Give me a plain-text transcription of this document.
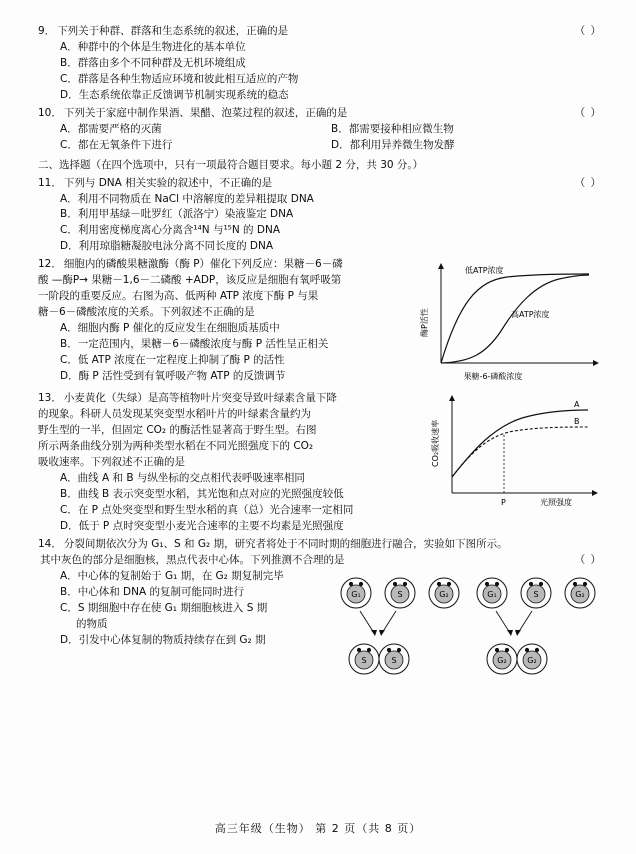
9． 下列关于种群、群落和生态系统的叙述，正确的是	（ ）
A．种群中的个体是生物进化的基本单位
B．群落由多个不同种群及无机环境组成
C．群落是各种生物适应环境和彼此相互适应的产物
D．生态系统依靠正反馈调节机制实现系统的稳态
10． 下列关于家庭中制作果酒、果醋、泡菜过程的叙述，正确的是	（ ）
A．都需要严格的灭菌	B．都需要接种相应微生物
C．都在无氧条件下进行	D．都利用异养微生物发酵
二、选择题（在四个选项中，只有一项最符合题目要求。每小题 2 分，共 30 分。）
11． 下列与 DNA 相关实验的叙述中，不正确的是	（ ）
A．利用不同物质在 NaCl 中溶解度的差异粗提取 DNA
B．利用甲基绿－吡罗红（派洛宁）染液鉴定 DNA
C．利用密度梯度离心分离含¹⁴N 与¹⁵N 的 DNA
D．利用琼脂糖凝胶电泳分离不同长度的 DNA
低ATP浓度
高ATP浓度
酶P活性
果糖-6-磷酸浓度
12． 细胞内的磷酸果糖激酶（酶 P）催化下列反应：果糖－6－磷
酸 —酶P→ 果糖－1,6－二磷酸 +ADP，该反应是细胞有氧呼吸第
一阶段的重要反应。右图为高、低两种 ATP 浓度下酶 P 与果
糖－6－磷酸浓度的关系。下列叙述不正确的是
A．细胞内酶 P 催化的反应发生在细胞质基质中
B．一定范围内，果糖－6－磷酸浓度与酶 P 活性呈正相关
C．低 ATP 浓度在一定程度上抑制了酶 P 的活性
D．酶 P 活性受到有氧呼吸产物 ATP 的反馈调节
A
B
P
CO₂吸收速率
光照强度
13． 小麦黄化（失绿）是高等植物叶片突变导致叶绿素含量下降
的现象。科研人员发现某突变型水稻叶片的叶绿素含量约为
野生型的一半，但固定 CO₂ 的酶活性显著高于野生型。右图
所示两条曲线分别为两种类型水稻在不同光照强度下的 CO₂
吸收速率。下列叙述不正确的是
A．曲线 A 和 B 与纵坐标的交点相代表呼吸速率相同
B．曲线 B 表示突变型水稻，其光饱和点对应的光照强度较低
C．在 P 点处突变型和野生型水稻的真（总）光合速率一定相同
D．低于 P 点时突变型小麦光合速率的主要不均素是光照强度
14． 分裂间期依次分为 G₁、S 和 G₂ 期，研究者将处于不同时期的细胞进行融合，实验如下图所示。
其中灰色的部分是细胞核，黑点代表中心体。下列推测不合理的是	（ ）
G₁	S	G₂	G₁	S	G₂
S	S	G₂	G₂
A．中心体的复制始于 G₁ 期，在 G₂ 期复制完毕
B．中心体和 DNA 的复制可能同时进行
C．S 期细胞中存在使 G₁ 期细胞核进入 S 期
的物质
D．引发中心体复制的物质持续存在到 G₂ 期
高三年级（生物） 第 2 页（共 8 页）
